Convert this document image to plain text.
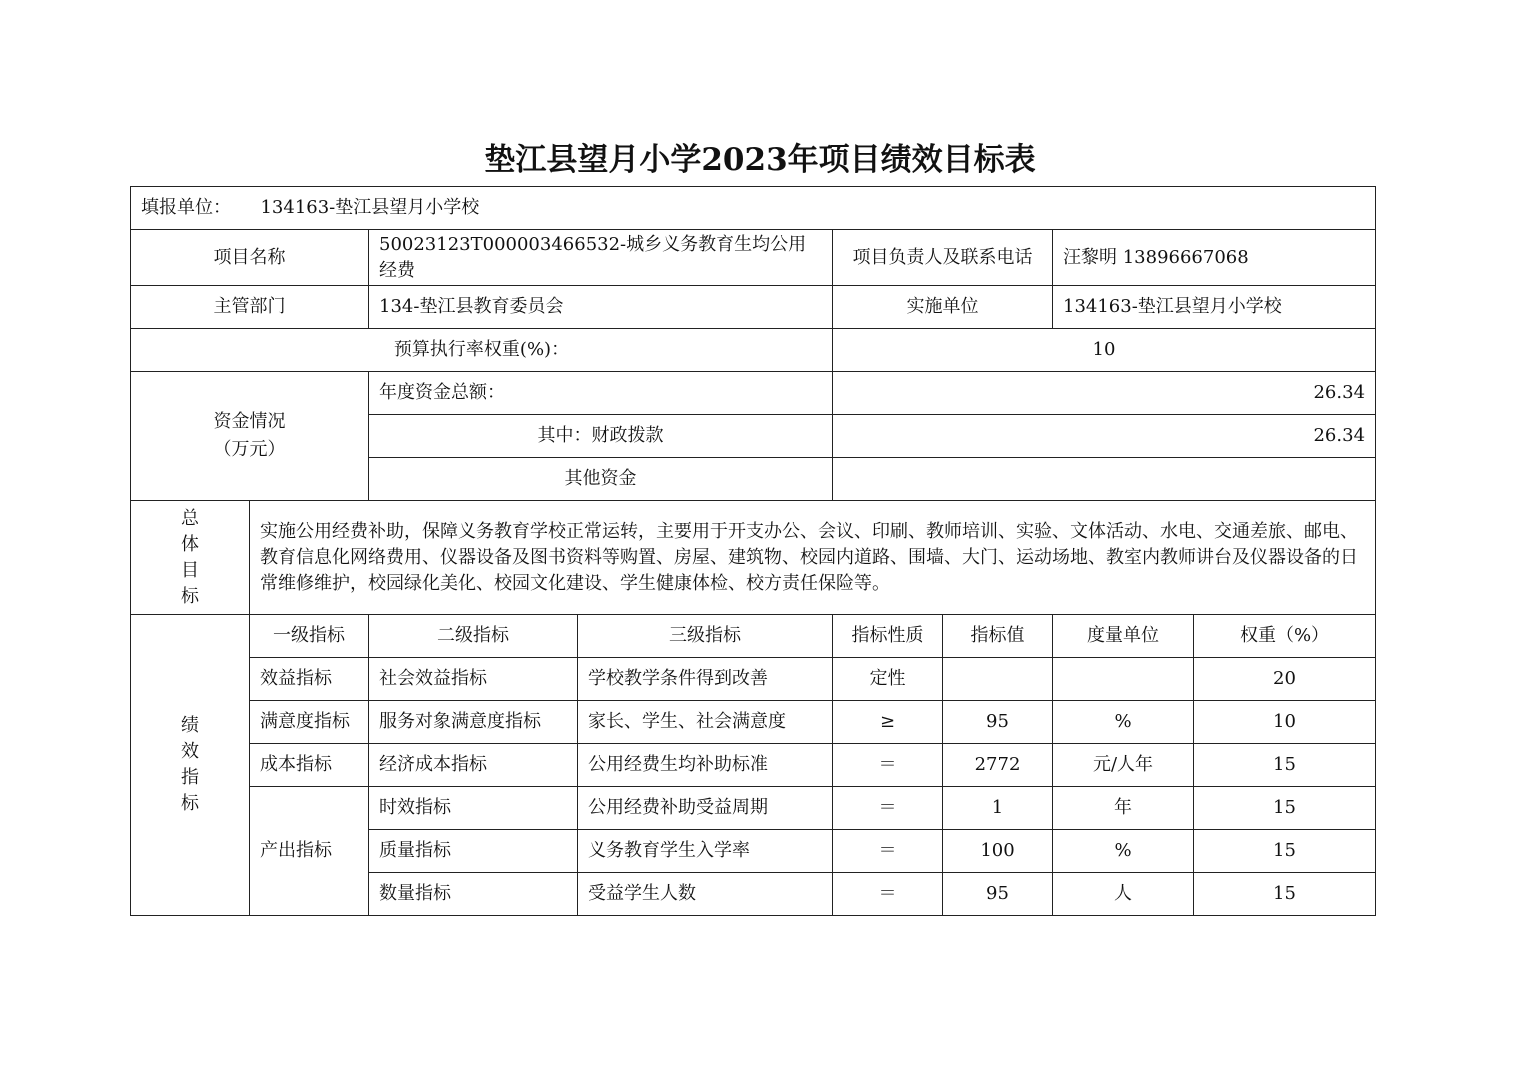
垫江县望月小学2023年项目绩效目标表
填报单位： 134163-垫江县望月小学校							
项目名称		50023123T000003466532-城乡义务教育生均公用经费		项目负责人及联系电话		汪黎明 13896667068	
主管部门		134-垫江县教育委员会		实施单位		134163-垫江县望月小学校	
预算执行率权重(%)：				10			
资金情况
（万元）		年度资金总额：		26.34			
		其中：财政拨款		26.34			
		其他资金					

总
体
目
标	实施公用经费补助，保障义务教育学校正常运转，主要用于开支办公、会议、印刷、教师培训、实验、文体活动、水电、交通差旅、邮电、教育信息化网络费用、仪器设备及图书资料等购置、房屋、建筑物、校园内道路、围墙、大门、运动场地、教室内教师讲台及仪器设备的日常维修维护，校园绿化美化、校园文化建设、学生健康体检、校方责任保险等。						

绩
效
指
标	一级指标	二级指标	三级指标	指标性质	指标值	度量单位	权重（%）
	效益指标	社会效益指标	学校教学条件得到改善	定性			20
	满意度指标	服务对象满意度指标	家长、学生、社会满意度	≥	95	%	10
	成本指标	经济成本指标	公用经费生均补助标准	＝	2772	元/人年	15
	产出指标	时效指标	公用经费补助受益周期	＝	1	年	15
		质量指标	义务教育学生入学率	＝	100	%	15
		数量指标	受益学生人数	＝	95	人	15
